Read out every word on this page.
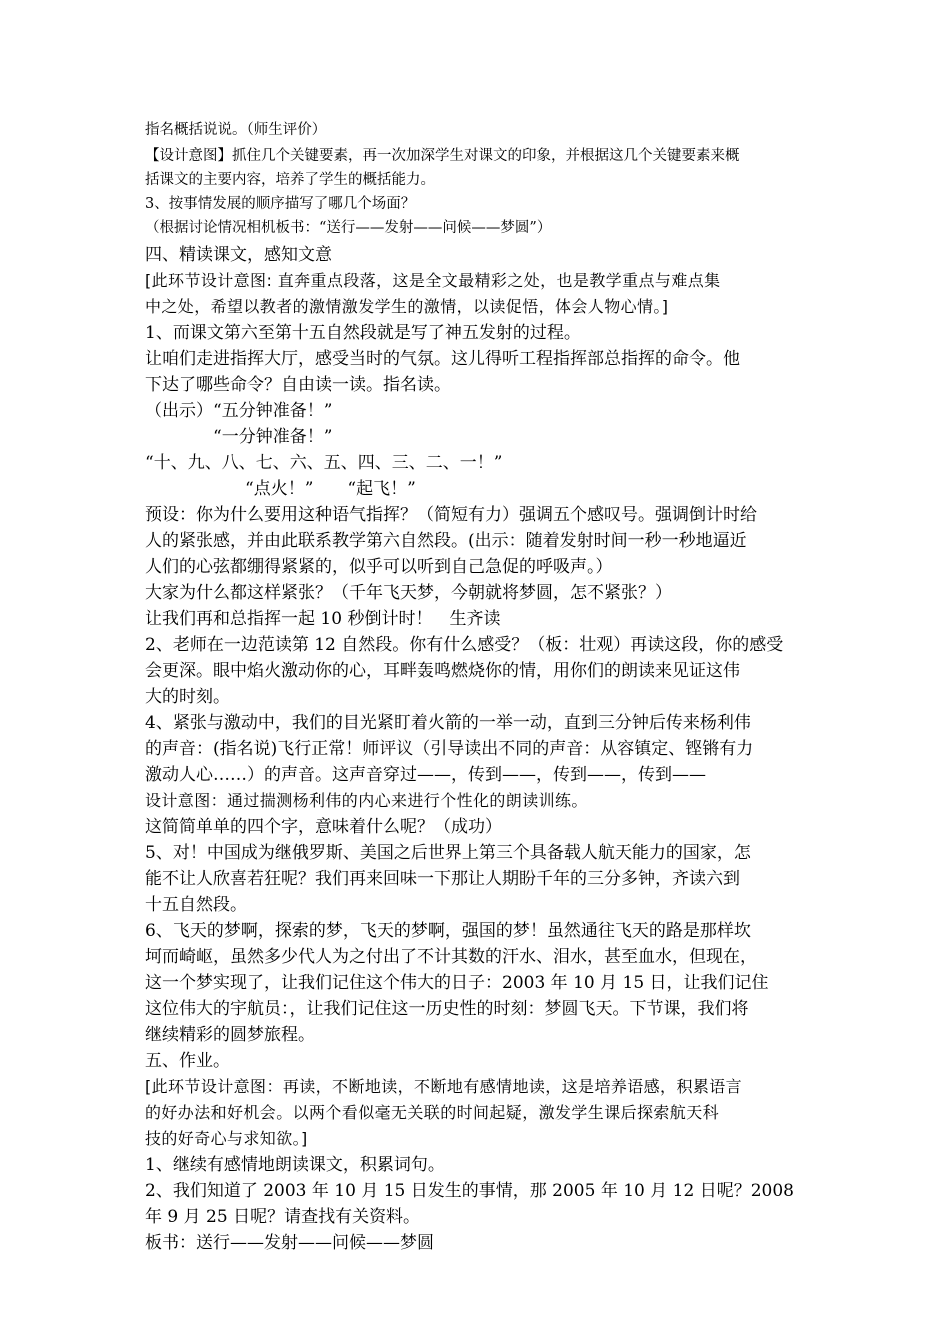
指名概括说说。（师生评价）
【设计意图】抓住几个关键要素，再一次加深学生对课文的印象，并根据这几个关键要素来概
括课文的主要内容，培养了学生的概括能力。
3、按事情发展的顺序描写了哪几个场面？
（根据讨论情况相机板书：“送行——发射——问候——梦圆”）
四、精读课文，感知文意
[此环节设计意图: 直奔重点段落，这是全文最精彩之处，也是教学重点与难点集
中之处，希望以教者的激情激发学生的激情，以读促悟，体会人物心情。]
1、而课文第六至第十五自然段就是写了神五发射的过程。
让咱们走进指挥大厅，感受当时的气氛。这儿得听工程指挥部总指挥的命令。他
下达了哪些命令？自由读一读。指名读。
（出示）“五分钟准备！”
“一分钟准备！”
“十、九、八、七、六、五、四、三、二、一！”
“点火！”　　“起飞！”
预设：你为什么要用这种语气指挥？（简短有力）强调五个感叹号。强调倒计时给
人的紧张感，并由此联系教学第六自然段。(出示：随着发射时间一秒一秒地逼近
人们的心弦都绷得紧紧的，似乎可以听到自己急促的呼吸声。）
大家为什么都这样紧张？（千年飞天梦，今朝就将梦圆，怎不紧张？）
让我们再和总指挥一起 10 秒倒计时！　生齐读
2、老师在一边范读第 12 自然段。你有什么感受？（板：壮观）再读这段，你的感受
会更深。眼中焰火激动你的心，耳畔轰鸣燃烧你的情，用你们的朗读来见证这伟
大的时刻。
4、紧张与激动中，我们的目光紧盯着火箭的一举一动，直到三分钟后传来杨利伟
的声音：(指名说)飞行正常！师评议（引导读出不同的声音：从容镇定、铿锵有力
激动人心……）的声音。这声音穿过——，传到——，传到——，传到——
设计意图：通过揣测杨利伟的内心来进行个性化的朗读训练。
这简简单单的四个字，意味着什么呢？（成功）
5、对！中国成为继俄罗斯、美国之后世界上第三个具备载人航天能力的国家，怎
能不让人欣喜若狂呢？我们再来回味一下那让人期盼千年的三分多钟，齐读六到
十五自然段。
6、飞天的梦啊，探索的梦，飞天的梦啊，强国的梦！虽然通往飞天的路是那样坎
坷而崎岖，虽然多少代人为之付出了不计其数的汗水、泪水，甚至血水，但现在，
这一个梦实现了，让我们记住这个伟大的日子：2003 年 10 月 15 日，让我们记住
这位伟大的宇航员：，让我们记住这一历史性的时刻：梦圆飞天。下节课，我们将
继续精彩的圆梦旅程。
五、作业。
[此环节设计意图：再读，不断地读，不断地有感情地读，这是培养语感，积累语言
的好办法和好机会。以两个看似毫无关联的时间起疑，激发学生课后探索航天科
技的好奇心与求知欲。]
1、继续有感情地朗读课文，积累词句。
2、我们知道了 2003 年 10 月 15 日发生的事情，那 2005 年 10 月 12 日呢？2008
年 9 月 25 日呢？请查找有关资料。
板书：送行——发射——问候——梦圆
